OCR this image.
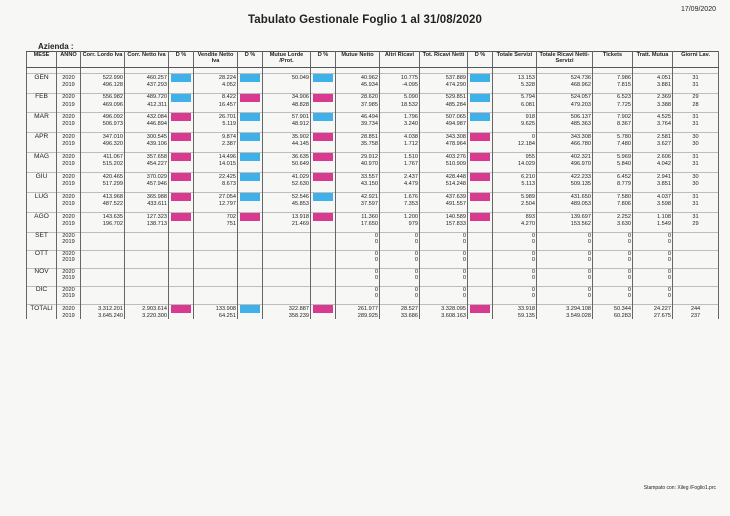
17/09/2020
Tabulato Gestionale Foglio 1 al 31/08/2020
Azienda :
MESE	ANNO	Corr. Lordo Iva	Corr. Netto Iva	D %	Vendite Netto Iva	D %	Mutue Lorde /Prot.	D %	Mutue Netto	Altri Ricavi	Tot. Ricavi Netti	D %	Totale Servizi	Totale Ricavi Netti-Servizi	Tickets	Tratt. Mutua	Giorni Lav.

GEN	2020	522.990	460.257		28.224		50.049		40.962	10.775	537.889		13.153	524.736	7.986	4.051	31
	2019	496.128	437.293		4.052				45.934	-4.095	474.290		5.328	468.962	7.815	3.881	31

FEB	2020	556.982	489.720		8.422		34.906		28.620	5.090	529.851		5.794	524.057	6.523	2.369	29
	2019	469.096	412.311		16.457		48.828		37.985	18.532	485.284		6.081	479.203	7.725	3.388	28

MAR	2020	496.092	432.084		26.701		57.901		46.494	1.796	507.065		918	506.137	7.902	4.525	31
	2019	506.973	446.894		5.119		48.912		39.734	3.240	494.987		9.625	485.363	8.367	3.764	31

APR	2020	347.010	300.545		9.874		35.902		28.851	4.038	343.308		0	343.308	5.780	2.581	30
	2019	496.320	439.106		2.387		44.145		35.758	1.712	478.964		12.184	466.780	7.480	3.627	30

MAG	2020	411.067	357.658		14.496		36.635		29.912	1.510	403.276		955	402.321	5.969	2.606	31
	2019	515.202	454.227		14.015		50.649		40.970	1.767	510.909		14.029	496.970	5.840	4.042	31

GIU	2020	420.465	370.029		22.425		41.029		33.557	2.437	428.448		6.210	422.233	6.452	2.941	30
	2019	517.299	457.946		8.673		52.630		43.150	4.479	514.248		5.113	509.135	8.779	3.851	30

LUG	2020	413.968	365.988		27.054		52.546		42.921	1.676	437.639		5.989	431.650	7.580	4.037	31
	2019	487.522	433.611		12.797		45.853		37.597	7.353	491.557		2.504	489.053	7.806	3.598	31

AGO	2020	143.635	127.323		702		13.918		11.360	1.200	140.589		893	139.697	2.252	1.108	31
	2019	196.702	138.713		751		21.469		17.650	979	157.833		4.270	153.562	3.630	1.549	29

SET	2020								0	0	0		0	0	0	0	
	2019								0	0	0		0	0	0	0	

OTT	2020								0	0	0		0	0	0	0	
	2019								0	0	0		0	0	0	0	

NOV	2020								0	0	0		0	0	0	0	
	2019								0	0	0		0	0	0	0	

DIC	2020								0	0	0		0	0	0	0	
	2019								0	0	0		0	0	0	0	

TOTALI	2020	3.312.201	2.903.614		133.908		322.887		261.977	28.527	3.328.095		33.918	3.294.108	50.344	24.227	244
	2019	3.645.240	3.220.300		64.251		358.239		289.925	33.686	3.608.163		59.135	3.549.028	60.283	27.675	237
Stampato con: Xileg /Foglio1.prc
